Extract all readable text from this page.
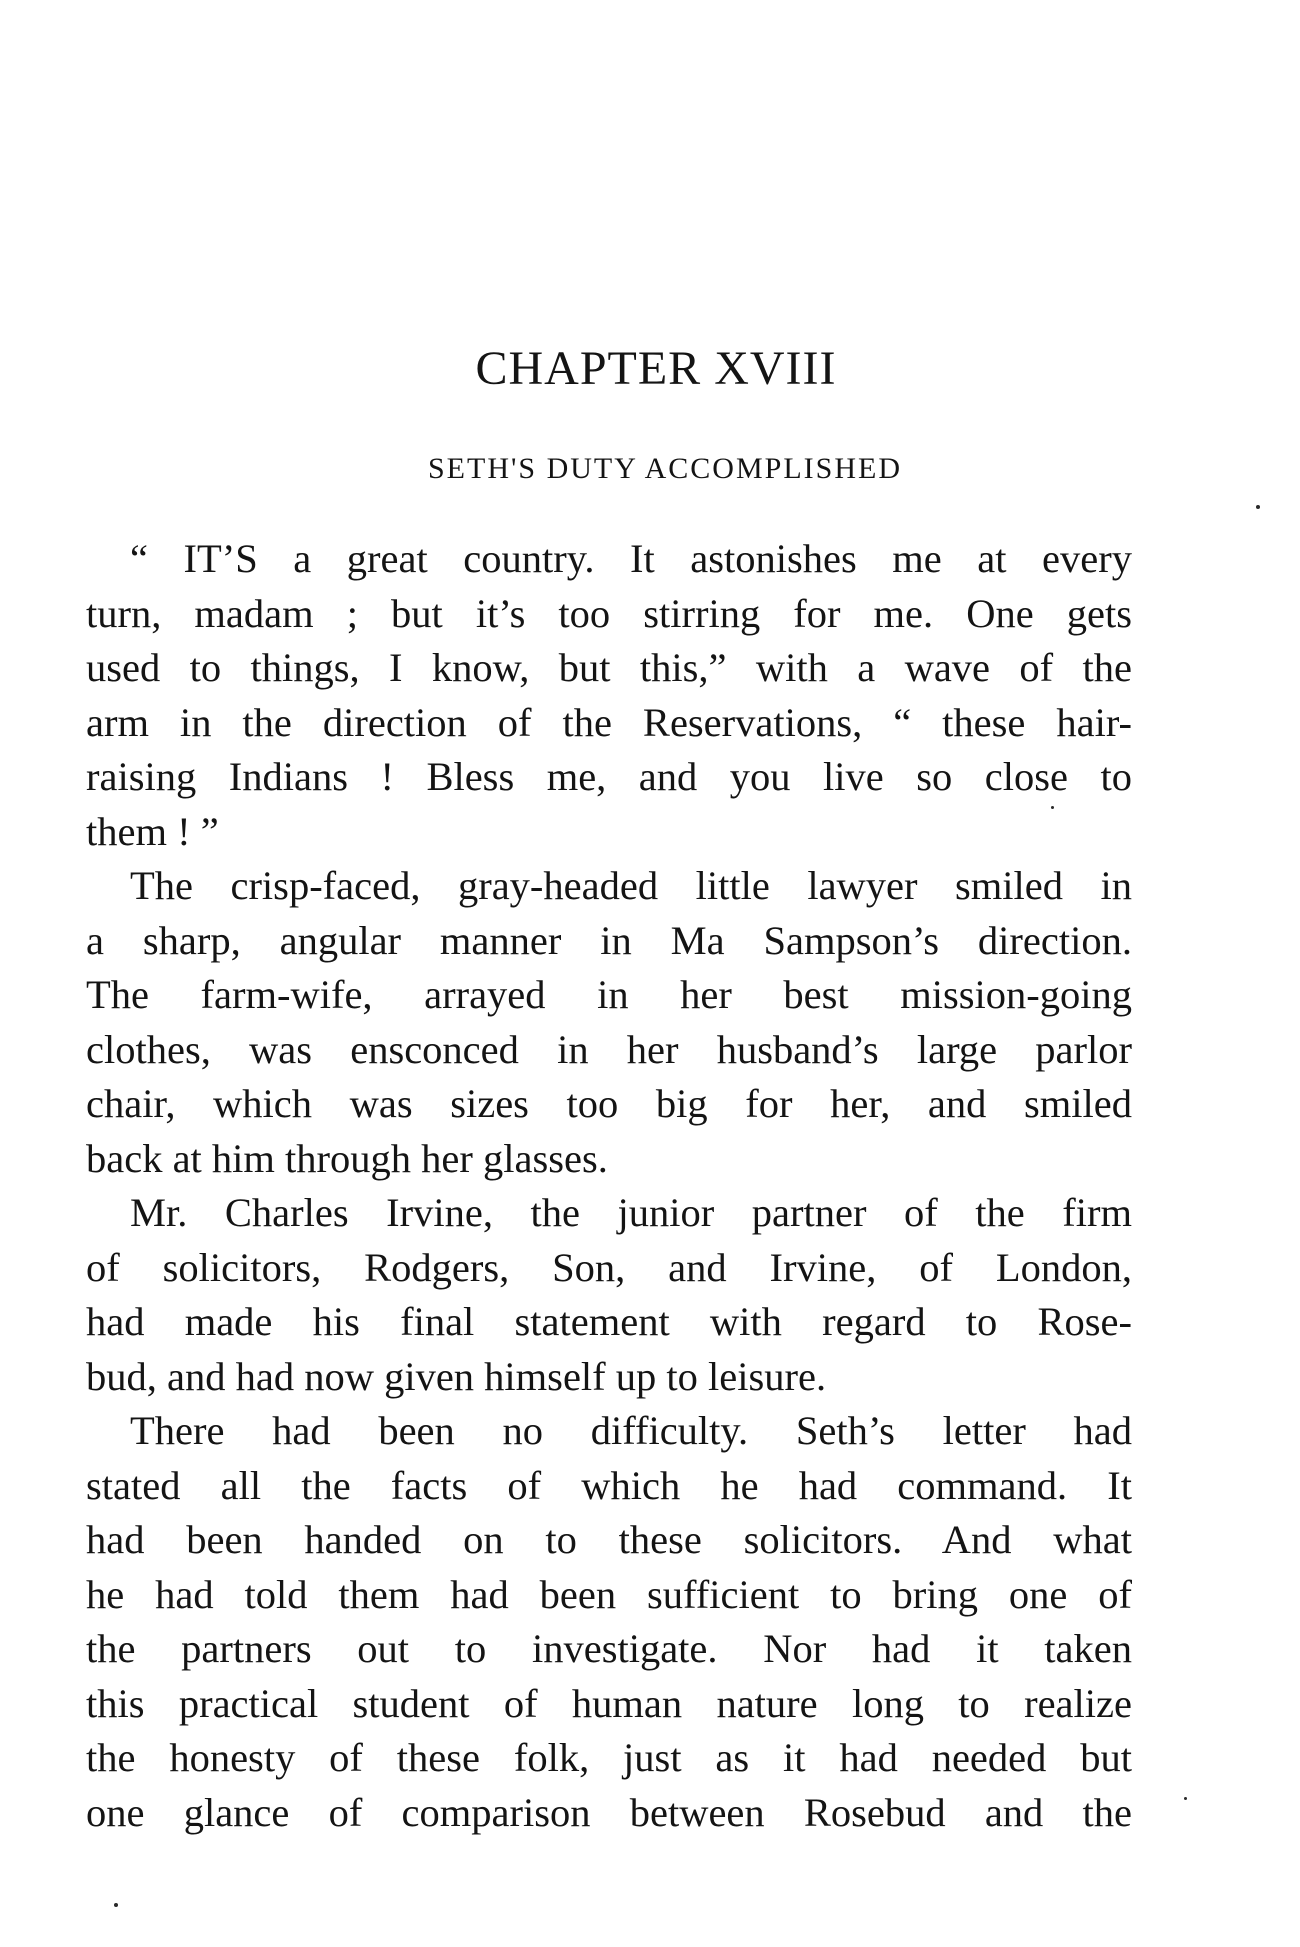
CHAPTER XVIII
SETH'S DUTY ACCOMPLISHED
“ IT’S a great country. It astonishes me at every
turn, madam ; but it’s too stirring for me. One gets
used to things, I know, but this,” with a wave of the
arm in the direction of the Reservations, “ these hair-
raising Indians ! Bless me, and you live so close to
them ! ”
The crisp-faced, gray-headed little lawyer smiled in
a sharp, angular manner in Ma Sampson’s direction.
The farm-wife, arrayed in her best mission-going
clothes, was ensconced in her husband’s large parlor
chair, which was sizes too big for her, and smiled
back at him through her glasses.
Mr. Charles Irvine, the junior partner of the firm
of solicitors, Rodgers, Son, and Irvine, of London,
had made his final statement with regard to Rose-
bud, and had now given himself up to leisure.
There had been no difficulty. Seth’s letter had
stated all the facts of which he had command. It
had been handed on to these solicitors. And what
he had told them had been sufficient to bring one of
the partners out to investigate. Nor had it taken
this practical student of human nature long to realize
the honesty of these folk, just as it had needed but
one glance of comparison between Rosebud and the
